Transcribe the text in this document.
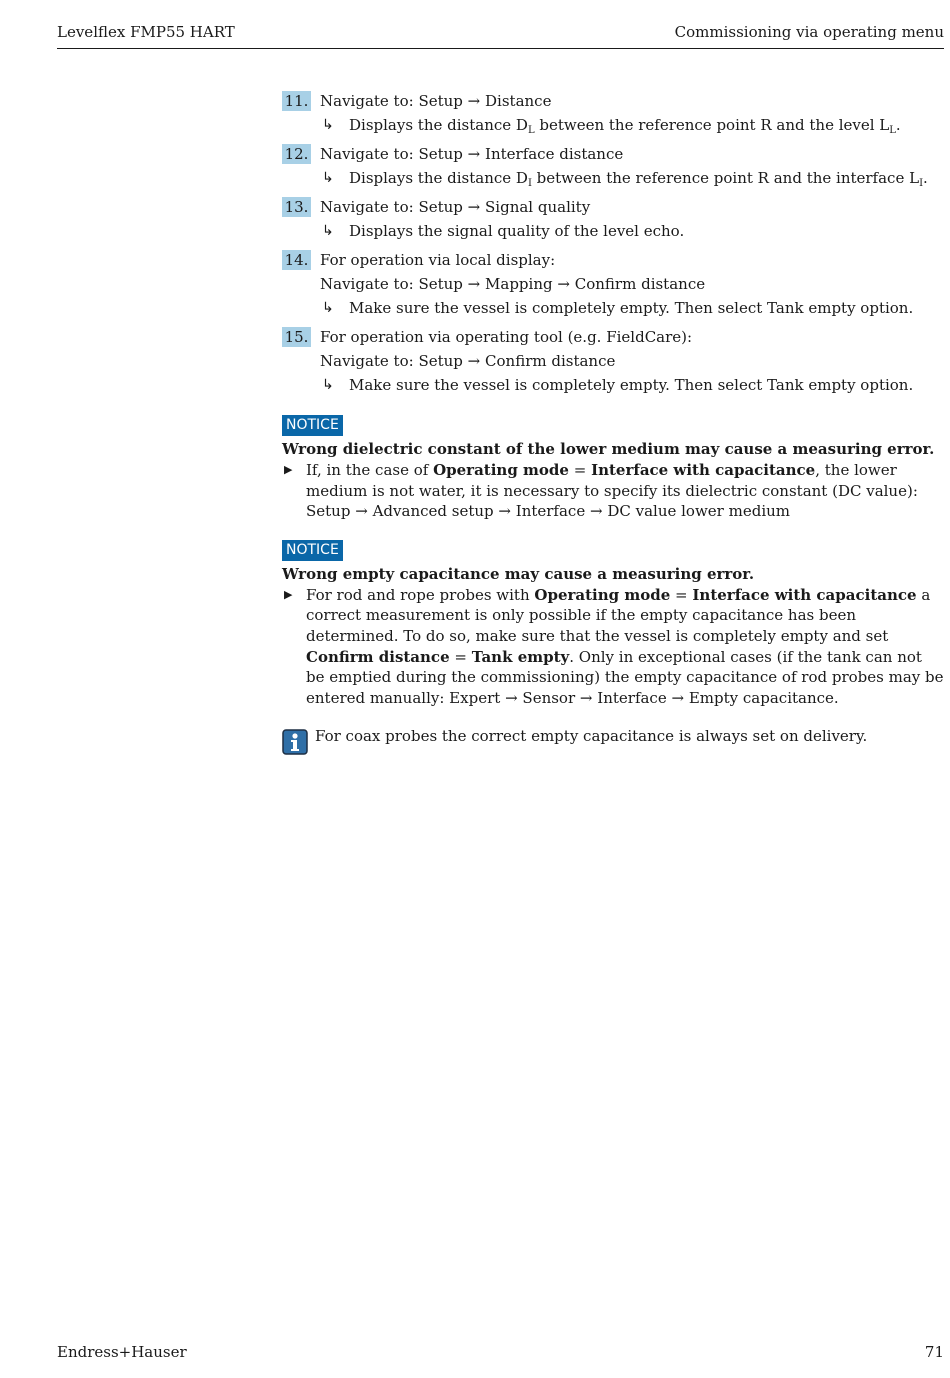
Levelflex FMP55 HART	Commissioning via operating menu
11. Navigate to: Setup → Distance
↳ Displays the distance $D_L$ between the reference point R and the level $L_L$.
12. Navigate to: Setup → Interface distance
↳ Displays the distance $D_I$ between the reference point R and the interface $L_I$.
13. Navigate to: Setup → Signal quality
↳ Displays the signal quality of the level echo.
14. For operation via local display:
Navigate to: Setup → Mapping → Confirm distance
↳ Make sure the vessel is completely empty. Then select Tank empty option.
15. For operation via operating tool (e.g. FieldCare):
Navigate to: Setup → Confirm distance
↳ Make sure the vessel is completely empty. Then select Tank empty option.
NOTICE
Wrong dielectric constant of the lower medium may cause a measuring error.
▶ If, in the case of Operating mode = Interface with capacitance, the lower medium is not water, it is necessary to specify its dielectric constant (DC value): Setup → Advanced setup → Interface → DC value lower medium
NOTICE
Wrong empty capacitance may cause a measuring error.
▶ For rod and rope probes with Operating mode = Interface with capacitance a correct measurement is only possible if the empty capacitance has been determined. To do so, make sure that the vessel is completely empty and set Confirm distance = Tank empty. Only in exceptional cases (if the tank can not be emptied during the commissioning) the empty capacitance of rod probes may be entered manually: Expert → Sensor → Interface → Empty capacitance.
For coax probes the correct empty capacitance is always set on delivery.
Endress+Hauser	71
